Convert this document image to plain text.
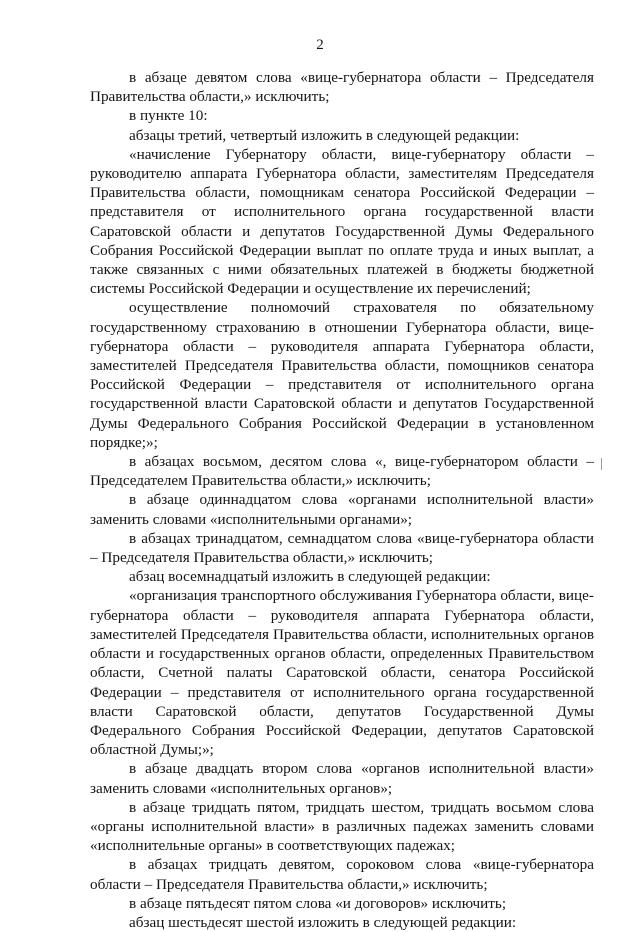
2

в абзаце девятом слова «вице-губернатора области – Председателя Правительства области,» исключить;

в пункте 10:

абзацы третий, четвертый изложить в следующей редакции:

«начисление Губернатору области, вице-губернатору области – руководителю аппарата Губернатора области, заместителям Председателя Правительства области, помощникам сенатора Российской Федерации – представителя от исполнительного органа государственной власти Саратовской области и депутатов Государственной Думы Федерального Собрания Российской Федерации выплат по оплате труда и иных выплат, а также связанных с ними обязательных платежей в бюджеты бюджетной системы Российской Федерации и осуществление их перечислений;

осуществление полномочий страхователя по обязательному государственному страхованию в отношении Губернатора области, вице-губернатора области – руководителя аппарата Губернатора области, заместителей Председателя Правительства области, помощников сенатора Российской Федерации – представителя от исполнительного органа государственной власти Саратовской области и депутатов Государственной Думы Федерального Собрания Российской Федерации в установленном порядке;»;

в абзацах восьмом, десятом слова «, вице-губернатором области – Председателем Правительства области,» исключить;

в абзаце одиннадцатом слова «органами исполнительной власти» заменить словами «исполнительными органами»;

в абзацах тринадцатом, семнадцатом слова «вице-губернатора области – Председателя Правительства области,» исключить;

абзац восемнадцатый изложить в следующей редакции:

«организация транспортного обслуживания Губернатора области, вице-губернатора области – руководителя аппарата Губернатора области, заместителей Председателя Правительства области, исполнительных органов области и государственных органов области, определенных Правительством области, Счетной палаты Саратовской области, сенатора Российской Федерации – представителя от исполнительного органа государственной власти Саратовской области, депутатов Государственной Думы Федерального Собрания Российской Федерации, депутатов Саратовской областной Думы;»;

в абзаце двадцать втором слова «органов исполнительной власти» заменить словами «исполнительных органов»;

в абзаце тридцать пятом, тридцать шестом, тридцать восьмом слова «органы исполнительной власти» в различных падежах заменить словами «исполнительные органы» в соответствующих падежах;

в абзацах тридцать девятом, сороковом слова «вице-губернатора области – Председателя Правительства области,» исключить;

в абзаце пятьдесят пятом слова «и договоров» исключить;

абзац шестьдесят шестой изложить в следующей редакции:
